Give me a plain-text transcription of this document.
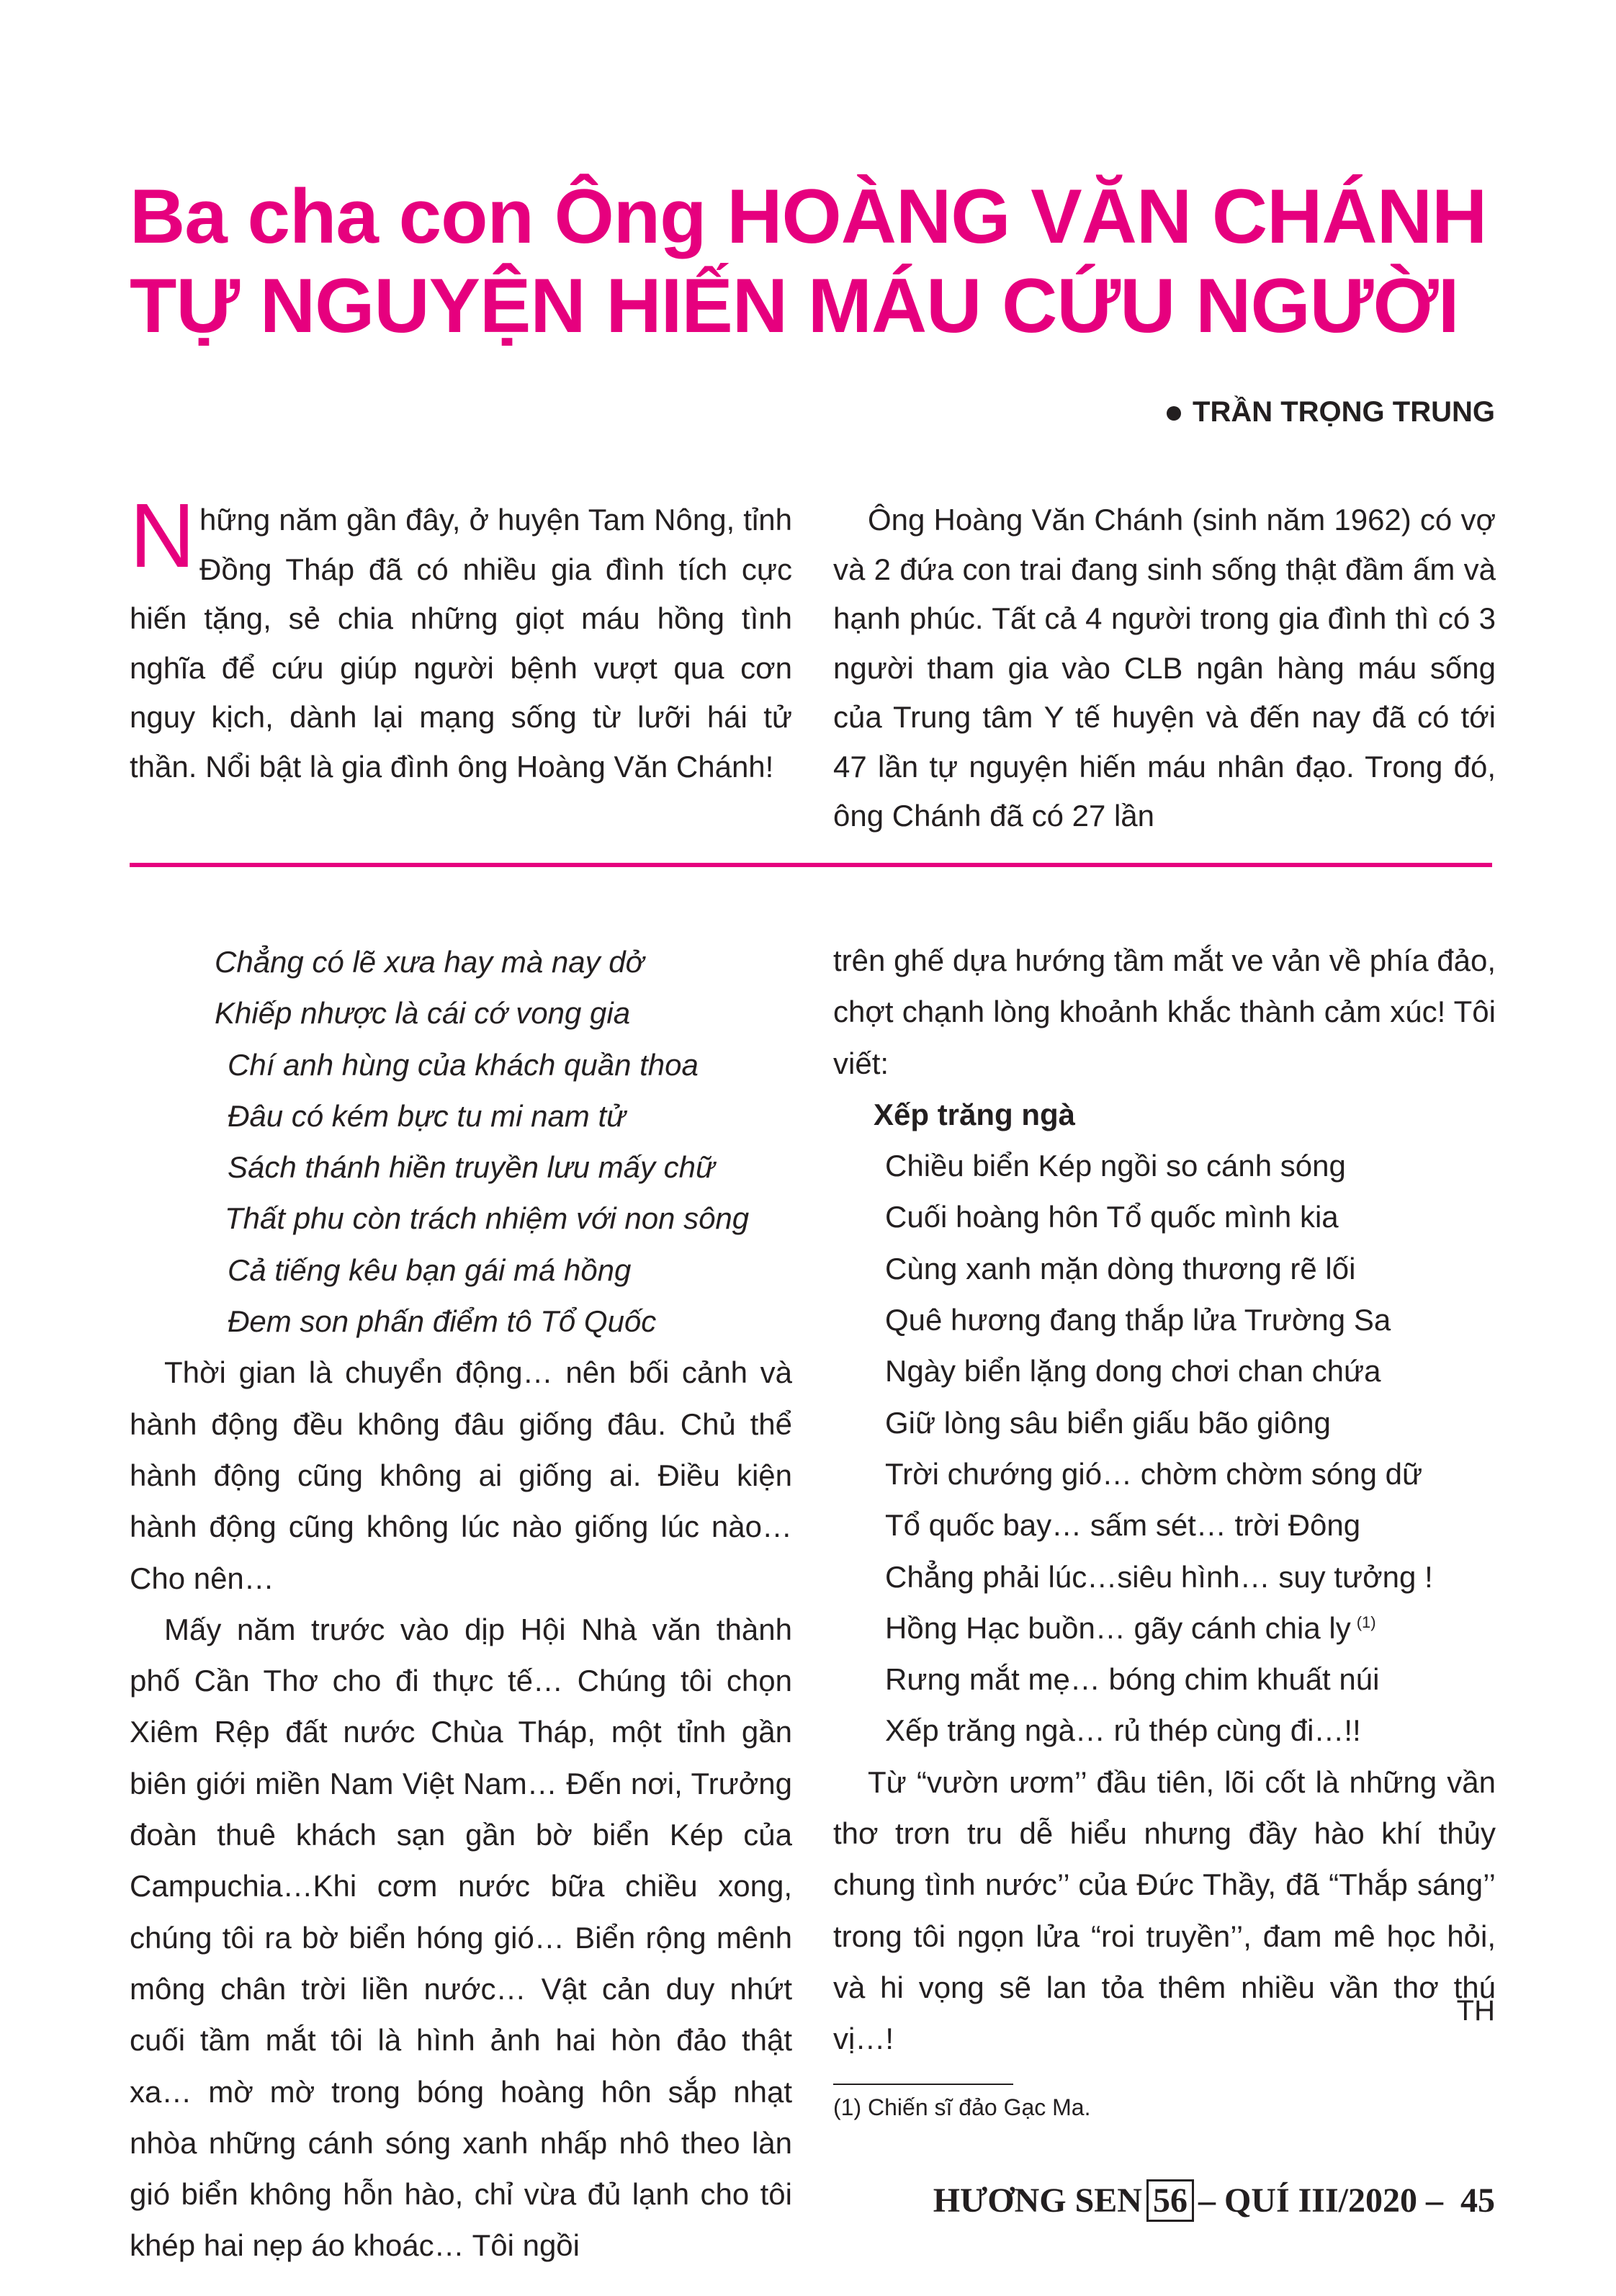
Ba cha con Ông HOÀNG VĂN CHÁNH
TỰ NGUYỆN HIẾN MÁU CỨU NGƯỜI
TRẦN TRỌNG TRUNG
Những năm gần đây, ở huyện Tam Nông, tỉnh Đồng Tháp đã có nhiều gia đình tích cực hiến tặng, sẻ chia những giọt máu hồng tình nghĩa để cứu giúp người bệnh vượt qua cơn nguy kịch, dành lại mạng sống từ lưỡi hái tử thần. Nổi bật là gia đình ông Hoàng Văn Chánh!
Ông Hoàng Văn Chánh (sinh năm 1962) có vợ và 2 đứa con trai đang sinh sống thật đầm ấm và hạnh phúc. Tất cả 4 người trong gia đình thì có 3 người tham gia vào CLB ngân hàng máu sống của Trung tâm Y tế huyện và đến nay đã có tới 47 lần tự nguyện hiến máu nhân đạo. Trong đó, ông Chánh đã có 27 lần
Chẳng có lẽ xưa hay mà nay dở
Khiếp nhược là cái cớ vong gia
Chí anh hùng của khách quần thoa
Đâu có kém bực tu mi nam tử
Sách thánh hiền truyền lưu mấy chữ
Thất phu còn trách nhiệm với non sông
Cả tiếng kêu bạn gái má hồng
Đem son phấn điểm tô Tổ Quốc

Thời gian là chuyển động… nên bối cảnh và hành động đều không đâu giống đâu. Chủ thể hành động cũng không ai giống ai. Điều kiện hành động cũng không lúc nào giống lúc nào… Cho nên…

Mấy năm trước vào dịp Hội Nhà văn thành phố Cần Thơ cho đi thực tế… Chúng tôi chọn Xiêm Rệp đất nước Chùa Tháp, một tỉnh gần biên giới miền Nam Việt Nam… Đến nơi, Trưởng đoàn thuê khách sạn gần bờ biển Kép của Campuchia…Khi cơm nước bữa chiều xong, chúng tôi ra bờ biển hóng gió… Biển rộng mênh mông chân trời liền nước… Vật cản duy nhứt cuối tầm mắt tôi là hình ảnh hai hòn đảo thật xa… mờ mờ trong bóng hoàng hôn sắp nhạt nhòa những cánh sóng xanh nhấp nhô theo làn gió biển không hỗn hào, chỉ vừa đủ lạnh cho tôi khép hai nẹp áo khoác… Tôi ngồi

trên ghế dựa hướng tầm mắt ve vản về phía đảo, chợt chạnh lòng khoảnh khắc thành cảm xúc! Tôi viết:

Xếp trăng ngà
Chiều biển Kép ngồi so cánh sóng
Cuối hoàng hôn Tổ quốc mình kia
Cùng xanh mặn dòng thương rẽ lối
Quê hương đang thắp lửa Trường Sa
Ngày biển lặng dong chơi chan chứa
Giữ lòng sâu biển giấu bão giông
Trời chướng gió… chờm chờm sóng dữ
Tổ quốc bay… sấm sét… trời Đông
Chẳng phải lúc…siêu hình… suy tưởng !
Hồng Hạc buồn… gãy cánh chia ly $^{(1)}$
Rưng mắt mẹ… bóng chim khuất núi
Xếp trăng ngà… rủ thép cùng đi…!!

Từ “vườn ươm’’ đầu tiên, lõi cốt là những vần thơ trơn tru dễ hiểu nhưng đầy hào khí thủy chung tình nước’’ của Đức Thầy, đã “Thắp sáng’’ trong tôi ngọn lửa “roi truyền’’, đam mê học hỏi, và hi vọng sẽ lan tỏa thêm nhiều vần thơ thú vị…!

TH
(1) Chiến sĩ đảo Gạc Ma.
HƯƠNG SEN 56 – QUÍ III/2020 – 45
